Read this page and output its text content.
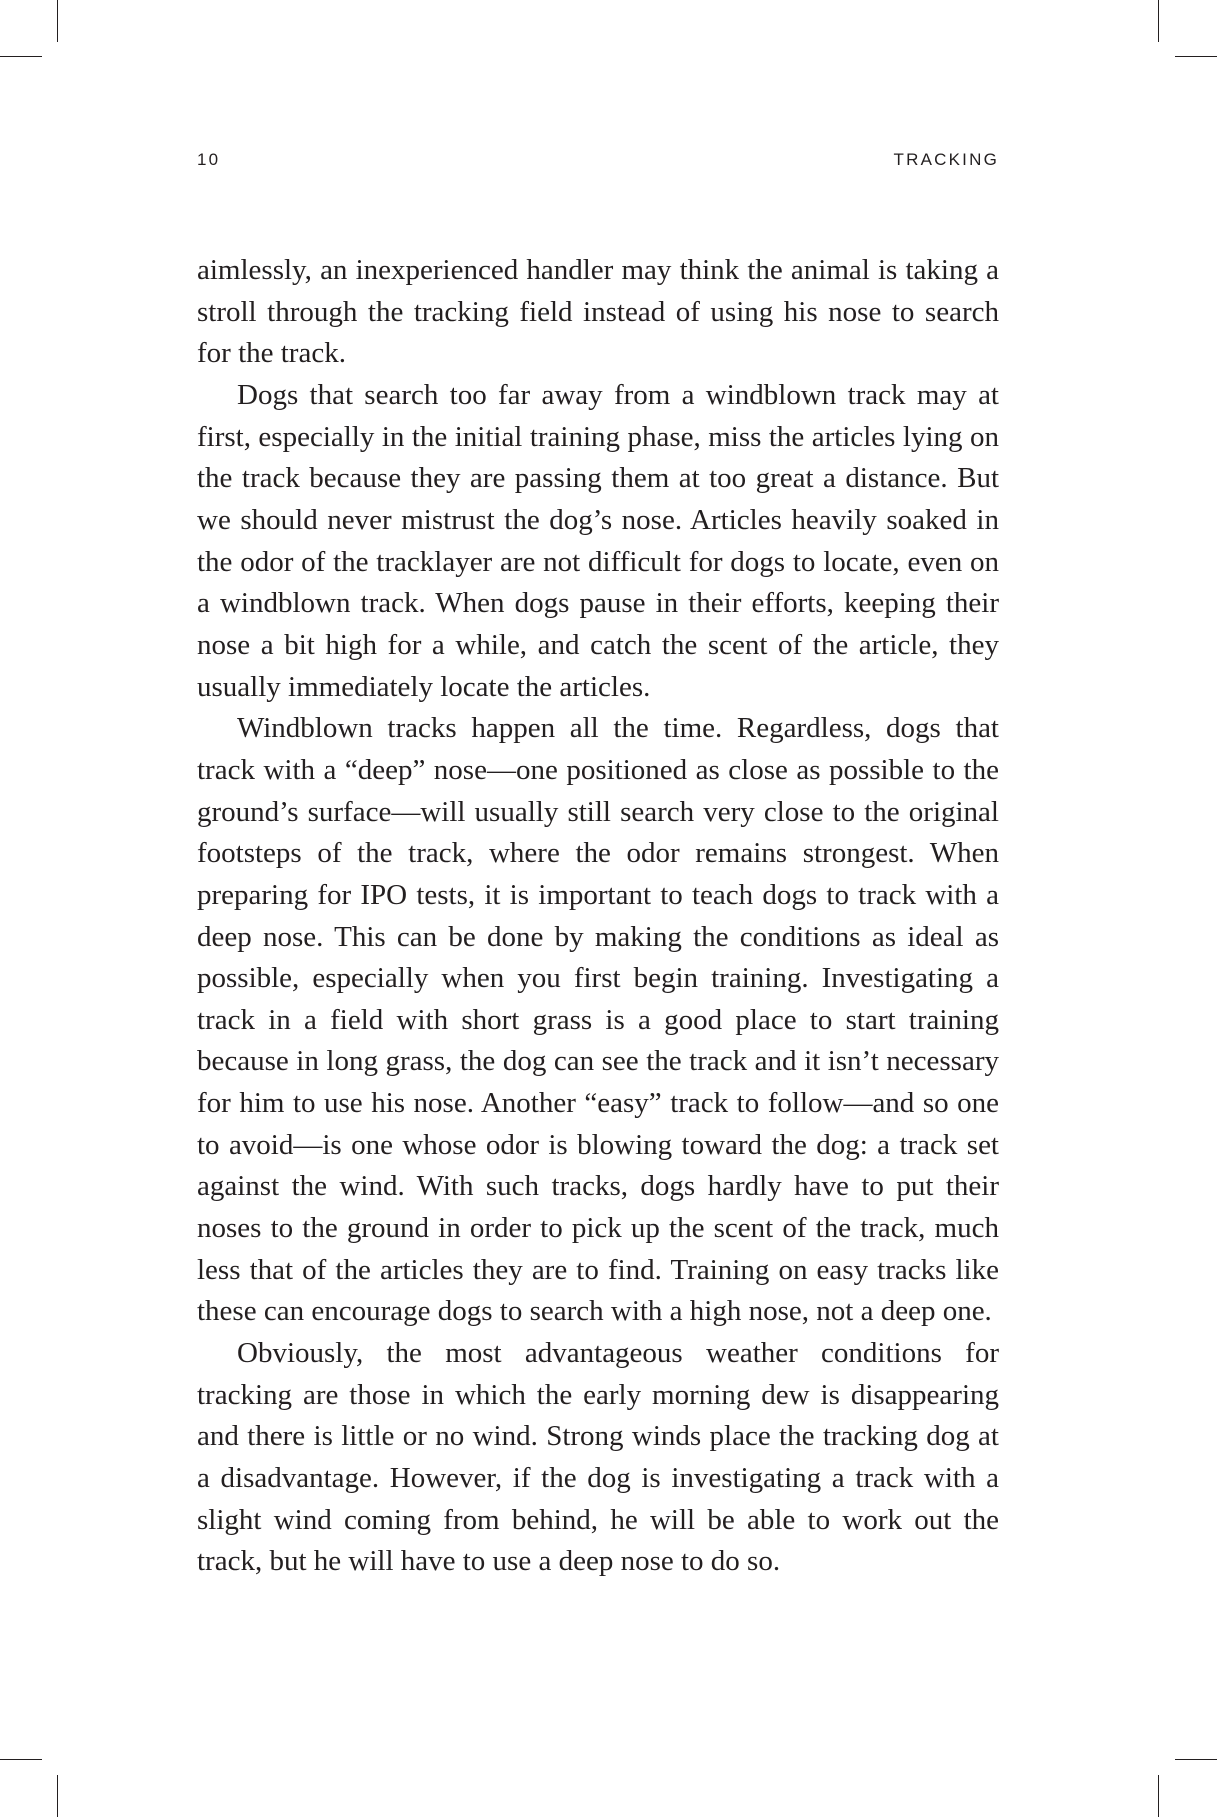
10	TRACKING

aimlessly, an inexperienced handler may think the animal is taking a stroll through the tracking field instead of using his nose to search for the track.

Dogs that search too far away from a windblown track may at first, especially in the initial training phase, miss the articles lying on the track because they are passing them at too great a distance. But we should never mistrust the dog’s nose. Articles heavily soaked in the odor of the tracklayer are not difficult for dogs to locate, even on a windblown track. When dogs pause in their efforts, keeping their nose a bit high for a while, and catch the scent of the article, they usually immediately locate the articles.

Windblown tracks happen all the time. Regardless, dogs that track with a “deep” nose—one positioned as close as possible to the ground’s surface—will usually still search very close to the original footsteps of the track, where the odor remains strongest. When preparing for IPO tests, it is important to teach dogs to track with a deep nose. This can be done by making the conditions as ideal as possible, especially when you first begin training. Investigating a track in a field with short grass is a good place to start training because in long grass, the dog can see the track and it isn’t necessary for him to use his nose. Another “easy” track to follow—and so one to avoid—is one whose odor is blowing toward the dog: a track set against the wind. With such tracks, dogs hardly have to put their noses to the ground in order to pick up the scent of the track, much less that of the articles they are to find. Training on easy tracks like these can encourage dogs to search with a high nose, not a deep one.

Obviously, the most advantageous weather conditions for tracking are those in which the early morning dew is disappearing and there is little or no wind. Strong winds place the tracking dog at a disadvantage. However, if the dog is investigating a track with a slight wind coming from behind, he will be able to work out the track, but he will have to use a deep nose to do so.
